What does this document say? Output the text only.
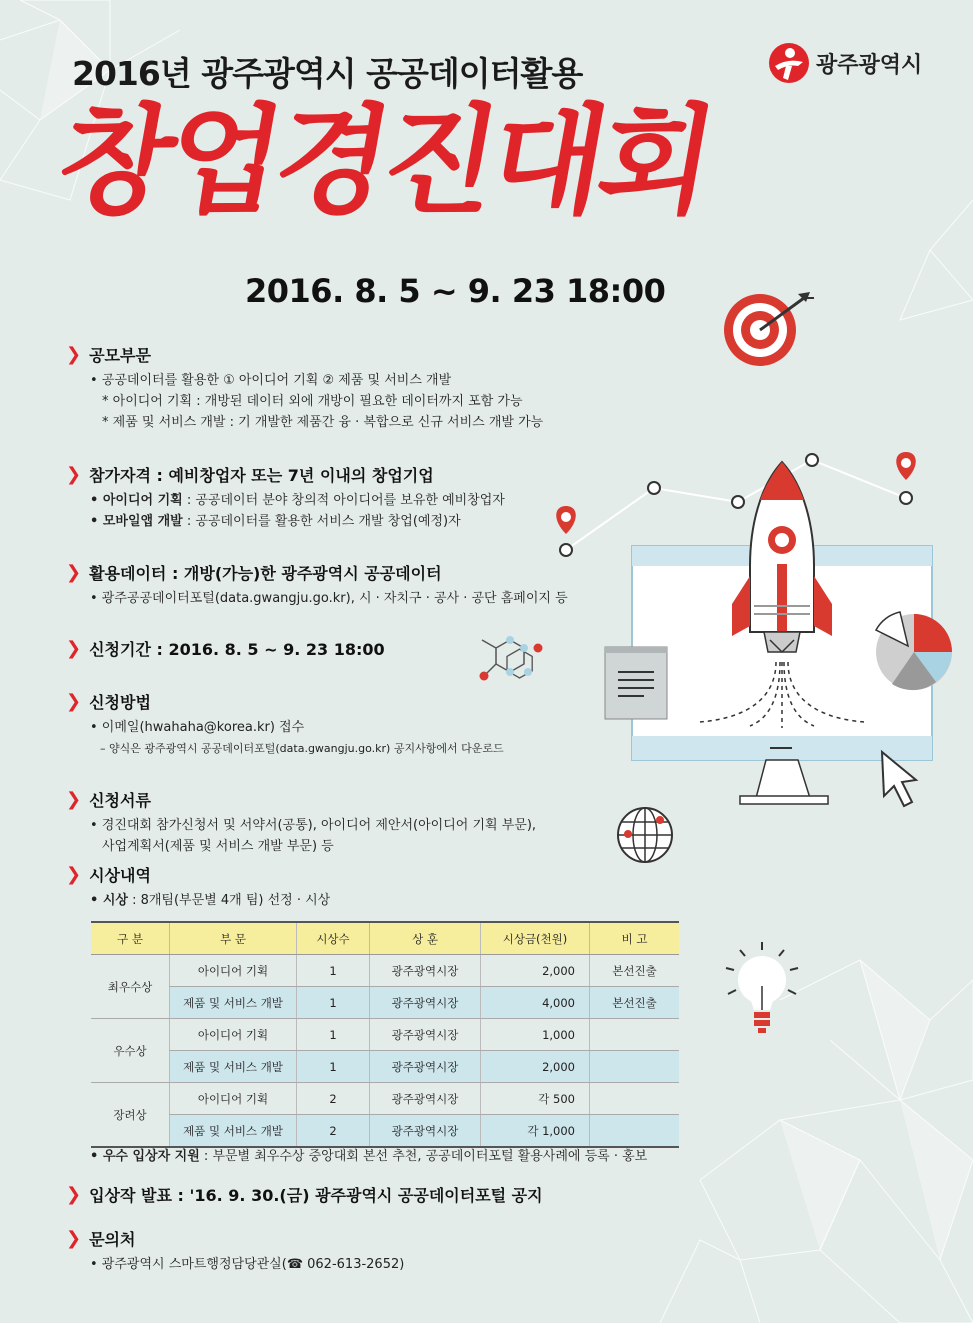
2016년 광주광역시 공공데이터활용	광주광역시
창업경진대회
2016. 8. 5 ~ 9. 23 18:00
❯ 공모부문
• 공공데이터를 활용한 ① 아이디어 기획 ② 제품 및 서비스 개발
* 아이디어 기획 : 개방된 데이터 외에 개방이 필요한 데이터까지 포함 가능
* 제품 및 서비스 개발 : 기 개발한 제품간 융 · 복합으로 신규 서비스 개발 가능
❯ 참가자격 : 예비창업자 또는 7년 이내의 창업기업
• 아이디어 기획 : 공공데이터 분야 창의적 아이디어를 보유한 예비창업자
• 모바일앱 개발 : 공공데이터를 활용한 서비스 개발 창업(예정)자
❯ 활용데이터 : 개방(가능)한 광주광역시 공공데이터
• 광주공공데이터포털(data.gwangju.go.kr), 시 · 자치구 · 공사 · 공단 홈페이지 등
❯ 신청기간 : 2016. 8. 5 ~ 9. 23 18:00
❯ 신청방법
• 이메일(hwahaha@korea.kr) 접수
– 양식은 광주광역시 공공데이터포털(data.gwangju.go.kr) 공지사항에서 다운로드
❯ 신청서류
• 경진대회 참가신청서 및 서약서(공통), 아이디어 제안서(아이디어 기획 부문),
사업계획서(제품 및 서비스 개발 부문) 등
❯ 시상내역
• 시상 : 8개팀(부문별 4개 팀) 선정 · 시상
구 분	부 문	시상수	상 훈	시상금(천원)	비 고
최우수상	아이디어 기획	1	광주광역시장	2,000	본선진출
	제품 및 서비스 개발	1	광주광역시장	4,000	본선진출
우수상	아이디어 기획	1	광주광역시장	1,000	
	제품 및 서비스 개발	1	광주광역시장	2,000	
장려상	아이디어 기획	2	광주광역시장	각 500	
	제품 및 서비스 개발	2	광주광역시장	각 1,000	
• 우수 입상자 지원 : 부문별 최우수상 중앙대회 본선 추천, 공공데이터포털 활용사례에 등록 · 홍보
❯ 입상작 발표 : '16. 9. 30.(금) 광주광역시 공공데이터포털 공지
❯ 문의처
• 광주광역시 스마트행정담당관실(☎ 062-613-2652)
